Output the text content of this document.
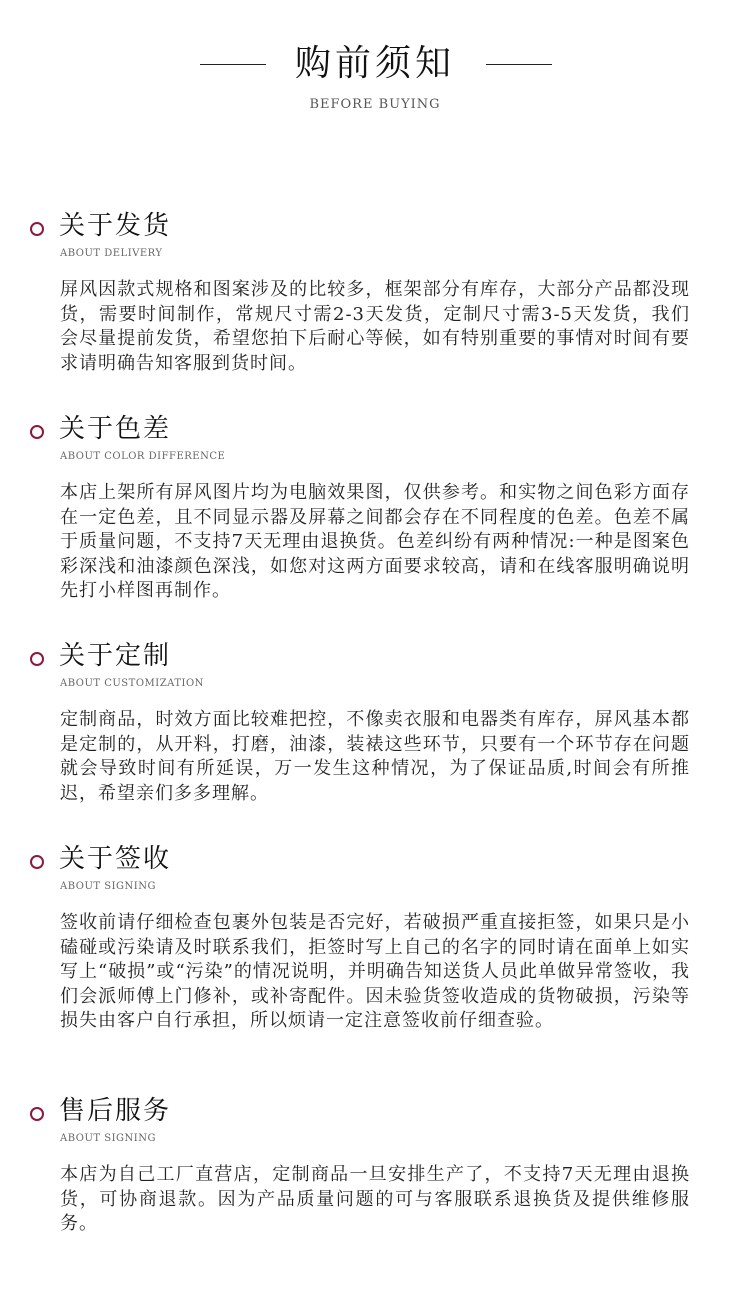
购前须知
BEFORE BUYING
关于发货
ABOUT DELIVERY
屏风因款式规格和图案涉及的比较多，框架部分有库存，大部分产品都没现货，需要时间制作，常规尺寸需2-3天发货，定制尺寸需3-5天发货，我们会尽量提前发货，希望您拍下后耐心等候，如有特别重要的事情对时间有要求请明确告知客服到货时间。
关于色差
ABOUT COLOR DIFFERENCE
本店上架所有屏风图片均为电脑效果图，仅供参考。和实物之间色彩方面存在一定色差，且不同显示器及屏幕之间都会存在不同程度的色差。色差不属于质量问题，不支持7天无理由退换货。色差纠纷有两种情况:一种是图案色彩深浅和油漆颜色深浅，如您对这两方面要求较高，请和在线客服明确说明先打小样图再制作。
关于定制
ABOUT CUSTOMIZATION
定制商品，时效方面比较难把控，不像卖衣服和电器类有库存，屏风基本都是定制的，从开料，打磨，油漆，装裱这些环节，只要有一个环节存在问题就会导致时间有所延误，万一发生这种情况，为了保证品质,时间会有所推迟，希望亲们多多理解。
关于签收
ABOUT SIGNING
签收前请仔细检查包裹外包装是否完好，若破损严重直接拒签，如果只是小磕碰或污染请及时联系我们，拒签时写上自己的名字的同时请在面单上如实写上“破损”或“污染”的情况说明，并明确告知送货人员此单做异常签收，我们会派师傅上门修补，或补寄配件。因未验货签收造成的货物破损，污染等损失由客户自行承担，所以烦请一定注意签收前仔细查验。
售后服务
ABOUT SIGNING
本店为自己工厂直营店，定制商品一旦安排生产了，不支持7天无理由退换货，可协商退款。因为产品质量问题的可与客服联系退换货及提供维修服务。
